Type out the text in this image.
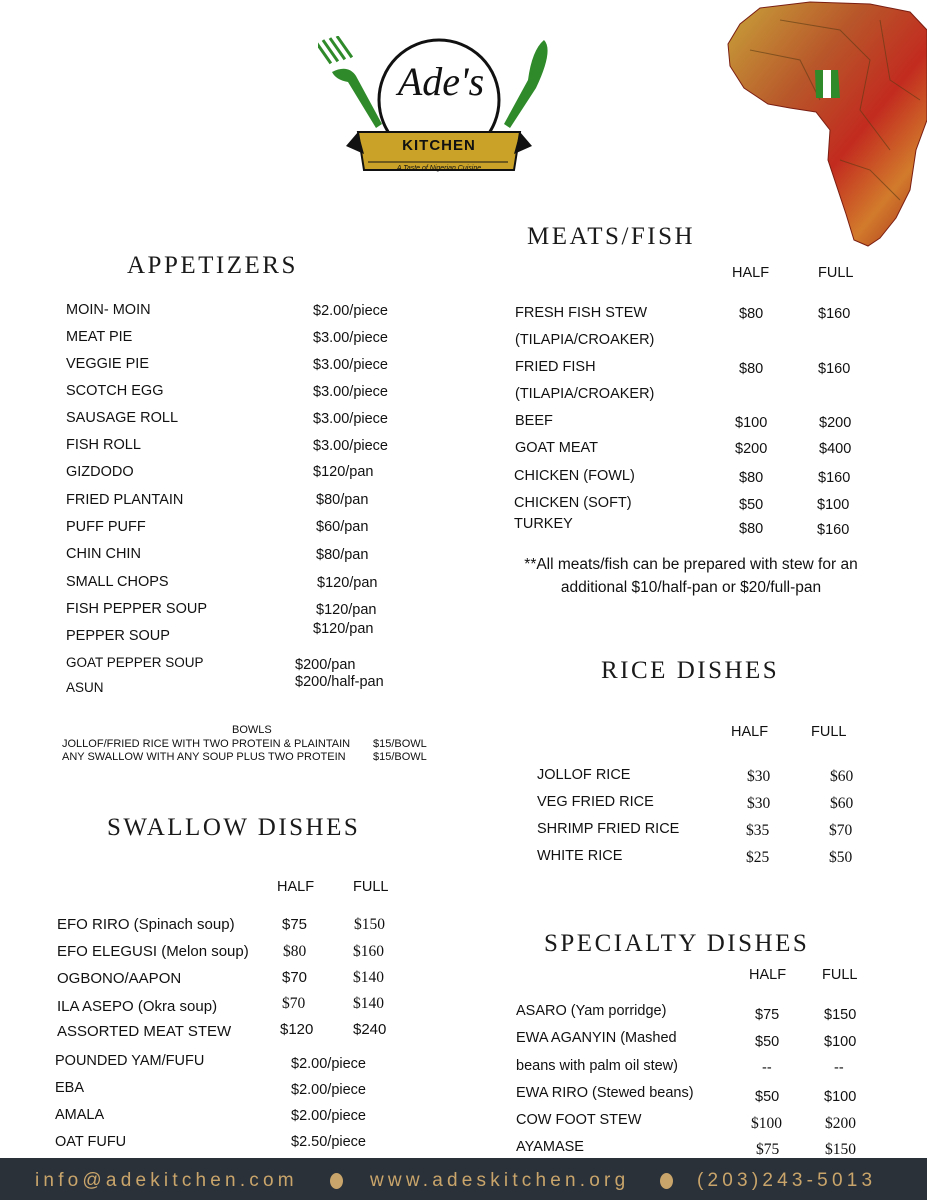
Ade's
KITCHEN
A Taste of Nigerian Cuisine
APPETIZERS
MOIN- MOIN	$2.00/piece
MEAT PIE	$3.00/piece
VEGGIE PIE	$3.00/piece
SCOTCH EGG	$3.00/piece
SAUSAGE ROLL	$3.00/piece
FISH ROLL	$3.00/piece
GIZDODO	$120/pan
FRIED PLANTAIN	$80/pan
PUFF PUFF	$60/pan
CHIN CHIN	$80/pan
SMALL CHOPS	$120/pan
FISH PEPPER SOUP	$120/pan
PEPPER SOUP	$120/pan
GOAT PEPPER SOUP	$200/pan
ASUN	$200/half-pan
BOWLS
JOLLOF/FRIED RICE WITH TWO PROTEIN & PLAINTAIN $15/BOWL
ANY SWALLOW WITH ANY SOUP PLUS TWO PROTEIN $15/BOWL
SWALLOW DISHES
HALF	FULL
EFO RIRO (Spinach soup)	$75	$150
EFO ELEGUSI (Melon soup) $80	$160
OGBONO/AAPON	$70	$140
ILA ASEPO (Okra soup)	$70	$140
ASSORTED MEAT STEW	$120	$240
POUNDED YAM/FUFU	$2.00/piece
EBA	$2.00/piece
AMALA	$2.00/piece
OAT FUFU	$2.50/piece
MEATS/FISH
HALF	FULL
FRESH FISH STEW	$80	$160
(TILAPIA/CROAKER)
FRIED FISH	$80	$160
(TILAPIA/CROAKER)
BEEF	$100	$200
GOAT MEAT	$200	$400
CHICKEN (FOWL)	$80	$160
CHICKEN (SOFT)	$50	$100
TURKEY	$80	$160
**All meats/fish can be prepared with stew for an
additional $10/half-pan or $20/full-pan
RICE DISHES
HALF	FULL
JOLLOF RICE	$30	$60
VEG FRIED RICE	$30	$60
SHRIMP FRIED RICE	$35	$70
WHITE RICE	$25	$50
SPECIALTY DISHES
HALF FULL
ASARO (Yam porridge)	$75	$150
EWA AGANYIN (Mashed	$50	$100
beans with palm oil stew)	--	--
EWA RIRO (Stewed beans)	$50	$100
COW FOOT STEW	$100	$200
AYAMASE	$75	$150
info@adekitchen.com	www.adeskitchen.org	(203)243-5013
